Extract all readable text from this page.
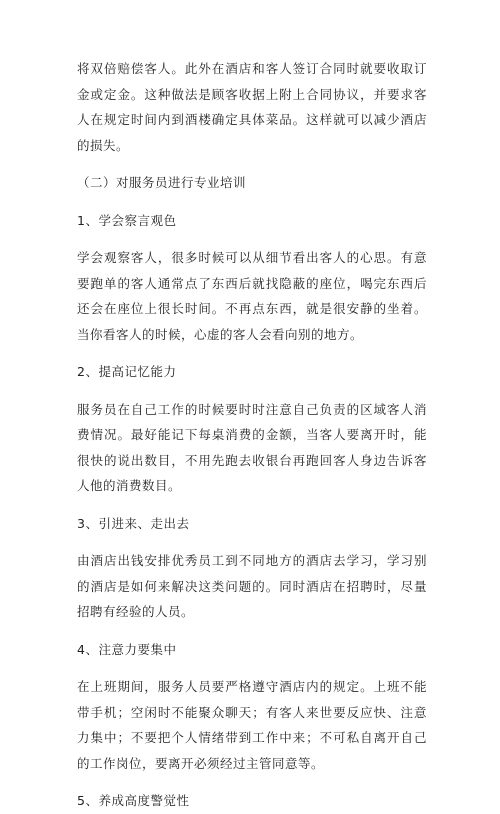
将双倍赔偿客人。此外在酒店和客人签订合同时就要收取订金或定金。这种做法是顾客收据上附上合同协议，并要求客人在规定时间内到酒楼确定具体菜品。这样就可以减少酒店的损失。

（二）对服务员进行专业培训

1、学会察言观色

学会观察客人，很多时候可以从细节看出客人的心思。有意要跑单的客人通常点了东西后就找隐蔽的座位，喝完东西后还会在座位上很长时间。不再点东西，就是很安静的坐着。当你看客人的时候，心虚的客人会看向别的地方。

2、提高记忆能力

服务员在自己工作的时候要时时注意自己负责的区域客人消费情况。最好能记下每桌消费的金额，当客人要离开时，能很快的说出数目，不用先跑去收银台再跑回客人身边告诉客人他的消费数目。

3、引进来、走出去

由酒店出钱安排优秀员工到不同地方的酒店去学习，学习别的酒店是如何来解决这类问题的。同时酒店在招聘时，尽量招聘有经验的人员。

4、注意力要集中

在上班期间，服务人员要严格遵守酒店内的规定。上班不能带手机；空闲时不能聚众聊天；有客人来世要反应快、注意力集中；不要把个人情绪带到工作中来；不可私自离开自己的工作岗位，要离开必须经过主管同意等。

5、养成高度警觉性
